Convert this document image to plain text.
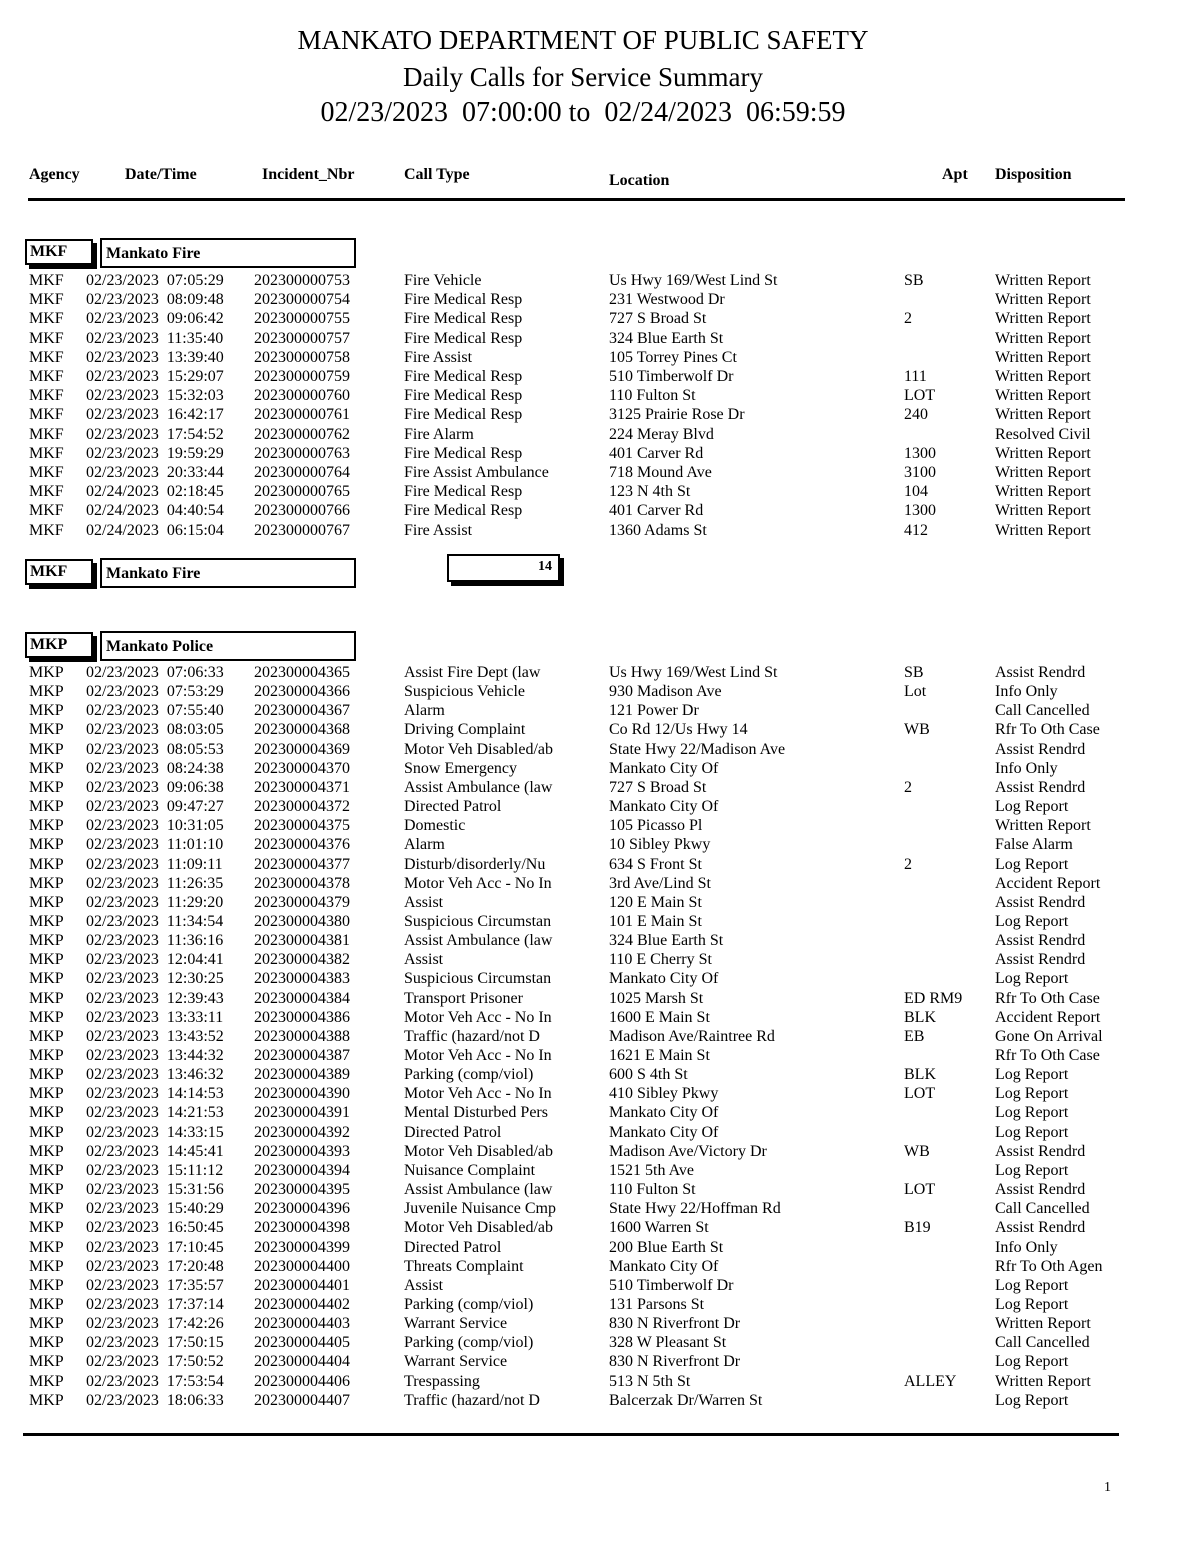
MANKATO DEPARTMENT OF PUBLIC SAFETY
Daily Calls for Service Summary
02/23/2023  07:00:00 to  02/24/2023  06:59:59
Agency	Date/Time	Incident_Nbr	Call Type	Location	Apt Disposition
MKF	Mankato Fire
MKF	Mankato Fire	14
MKP	Mankato Police
MKF 02/23/2023  07:05:29 202300000753	Fire Vehicle	Us Hwy 169/West Lind St	SB	Written Report
MKF 02/23/2023  08:09:48 202300000754	Fire Medical Resp	231 Westwood Dr	Written Report
MKF 02/23/2023  09:06:42 202300000755	Fire Medical Resp	727 S Broad St	2	Written Report
MKF 02/23/2023  11:35:40 202300000757	Fire Medical Resp	324 Blue Earth St	Written Report
MKF 02/23/2023  13:39:40 202300000758	Fire Assist	105 Torrey Pines Ct	Written Report
MKF 02/23/2023  15:29:07 202300000759	Fire Medical Resp	510 Timberwolf Dr	111	Written Report
MKF 02/23/2023  15:32:03 202300000760	Fire Medical Resp	110 Fulton St	LOT	Written Report
MKF 02/23/2023  16:42:17 202300000761	Fire Medical Resp	3125 Prairie Rose Dr	240	Written Report
MKF 02/23/2023  17:54:52 202300000762	Fire Alarm	224 Meray Blvd	Resolved Civil
MKF 02/23/2023  19:59:29 202300000763	Fire Medical Resp	401 Carver Rd	1300	Written Report
MKF 02/23/2023  20:33:44 202300000764	Fire Assist Ambulance	718 Mound Ave	3100	Written Report
MKF 02/24/2023  02:18:45 202300000765	Fire Medical Resp	123 N 4th St	104	Written Report
MKF 02/24/2023  04:40:54 202300000766	Fire Medical Resp	401 Carver Rd	1300	Written Report
MKF 02/24/2023  06:15:04 202300000767	Fire Assist	1360 Adams St	412	Written Report
MKP 02/23/2023  07:06:33 202300004365	Assist Fire Dept (law	Us Hwy 169/West Lind St	SB	Assist Rendrd
MKP 02/23/2023  07:53:29 202300004366	Suspicious Vehicle	930 Madison Ave	Lot	Info Only
MKP 02/23/2023  07:55:40 202300004367	Alarm	121 Power Dr	Call Cancelled
MKP 02/23/2023  08:03:05 202300004368	Driving Complaint	Co Rd 12/Us Hwy 14	WB	Rfr To Oth Case
MKP 02/23/2023  08:05:53 202300004369	Motor Veh Disabled/ab	State Hwy 22/Madison Ave	Assist Rendrd
MKP 02/23/2023  08:24:38 202300004370	Snow Emergency	Mankato City Of	Info Only
MKP 02/23/2023  09:06:38 202300004371	Assist Ambulance (law	727 S Broad St	2	Assist Rendrd
MKP 02/23/2023  09:47:27 202300004372	Directed Patrol	Mankato City Of	Log Report
MKP 02/23/2023  10:31:05 202300004375	Domestic	105 Picasso Pl	Written Report
MKP 02/23/2023  11:01:10 202300004376	Alarm	10 Sibley Pkwy	False Alarm
MKP 02/23/2023  11:09:11 202300004377	Disturb/disorderly/Nu	634 S Front St	2	Log Report
MKP 02/23/2023  11:26:35 202300004378	Motor Veh Acc - No In	3rd Ave/Lind St	Accident Report
MKP 02/23/2023  11:29:20 202300004379	Assist	120 E Main St	Assist Rendrd
MKP 02/23/2023  11:34:54 202300004380	Suspicious Circumstan	101 E Main St	Log Report
MKP 02/23/2023  11:36:16 202300004381	Assist Ambulance (law	324 Blue Earth St	Assist Rendrd
MKP 02/23/2023  12:04:41 202300004382	Assist	110 E Cherry St	Assist Rendrd
MKP 02/23/2023  12:30:25 202300004383	Suspicious Circumstan	Mankato City Of	Log Report
MKP 02/23/2023  12:39:43 202300004384	Transport Prisoner	1025 Marsh St	ED RM9 Rfr To Oth Case
MKP 02/23/2023  13:33:11 202300004386	Motor Veh Acc - No In	1600 E Main St	BLK	Accident Report
MKP 02/23/2023  13:43:52 202300004388	Traffic (hazard/not D	Madison Ave/Raintree Rd	EB	Gone On Arrival
MKP 02/23/2023  13:44:32 202300004387	Motor Veh Acc - No In	1621 E Main St	Rfr To Oth Case
MKP 02/23/2023  13:46:32 202300004389	Parking (comp/viol)	600 S 4th St	BLK	Log Report
MKP 02/23/2023  14:14:53 202300004390	Motor Veh Acc - No In	410 Sibley Pkwy	LOT	Log Report
MKP 02/23/2023  14:21:53 202300004391	Mental Disturbed Pers	Mankato City Of	Log Report
MKP 02/23/2023  14:33:15 202300004392	Directed Patrol	Mankato City Of	Log Report
MKP 02/23/2023  14:45:41 202300004393	Motor Veh Disabled/ab	Madison Ave/Victory Dr	WB	Assist Rendrd
MKP 02/23/2023  15:11:12 202300004394	Nuisance Complaint	1521 5th Ave	Log Report
MKP 02/23/2023  15:31:56 202300004395	Assist Ambulance (law	110 Fulton St	LOT	Assist Rendrd
MKP 02/23/2023  15:40:29 202300004396	Juvenile Nuisance Cmp	State Hwy 22/Hoffman Rd	Call Cancelled
MKP 02/23/2023  16:50:45 202300004398	Motor Veh Disabled/ab	1600 Warren St	B19	Assist Rendrd
MKP 02/23/2023  17:10:45 202300004399	Directed Patrol	200 Blue Earth St	Info Only
MKP 02/23/2023  17:20:48 202300004400	Threats Complaint	Mankato City Of	Rfr To Oth Agen
MKP 02/23/2023  17:35:57 202300004401	Assist	510 Timberwolf Dr	Log Report
MKP 02/23/2023  17:37:14 202300004402	Parking (comp/viol)	131 Parsons St	Log Report
MKP 02/23/2023  17:42:26 202300004403	Warrant Service	830 N Riverfront Dr	Written Report
MKP 02/23/2023  17:50:15 202300004405	Parking (comp/viol)	328 W Pleasant St	Call Cancelled
MKP 02/23/2023  17:50:52 202300004404	Warrant Service	830 N Riverfront Dr	Log Report
MKP 02/23/2023  17:53:54 202300004406	Trespassing	513 N 5th St	ALLEY Written Report
MKP 02/23/2023  18:06:33 202300004407	Traffic (hazard/not D	Balcerzak Dr/Warren St	Log Report
1
